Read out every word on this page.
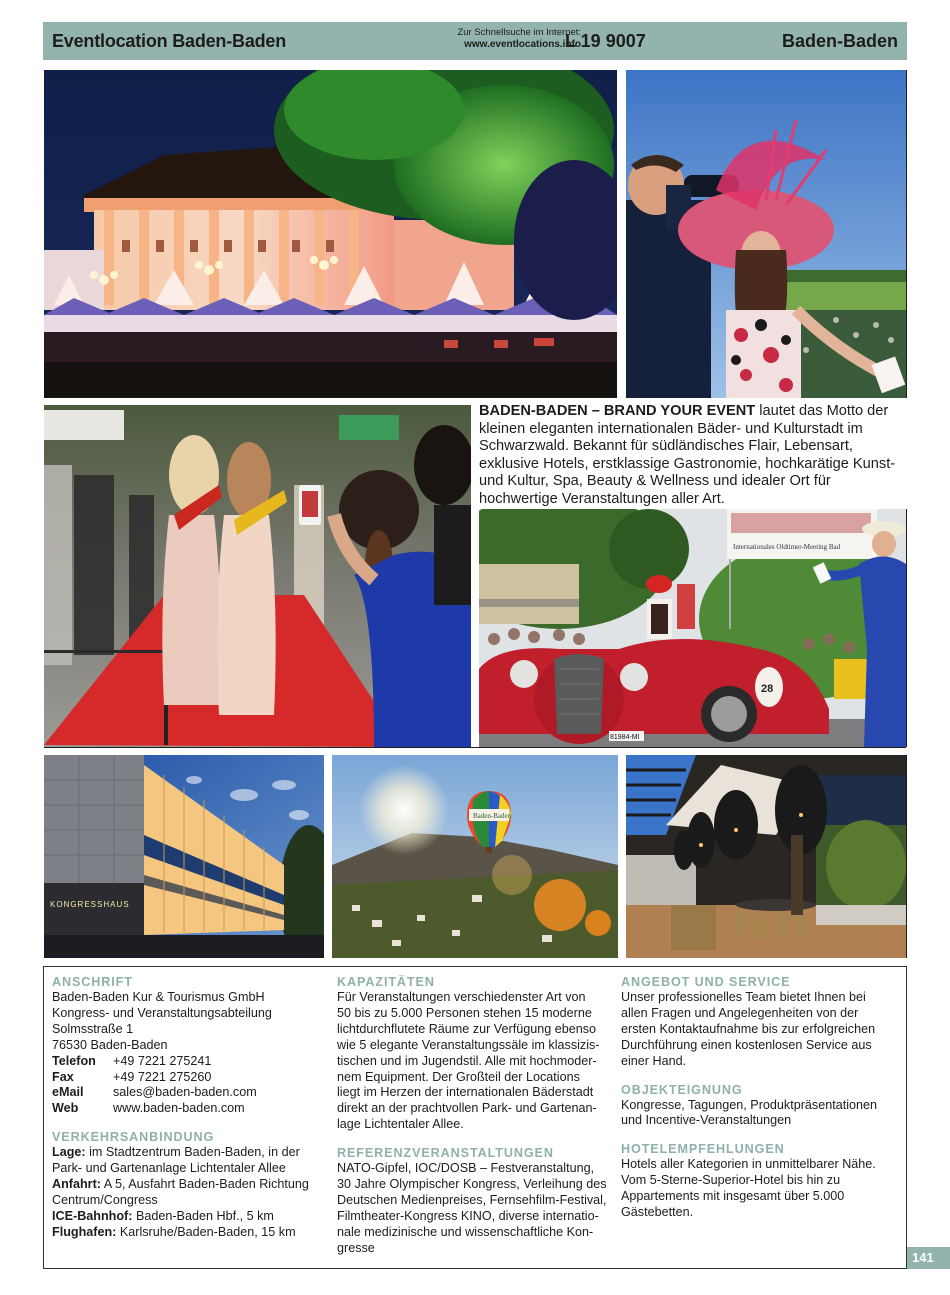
Eventlocation Baden-Baden	Zur Schnellsuche im Internet:
www.eventlocations.info
L 19 9007	Baden-Baden
BADEN-BADEN – BRAND YOUR EVENT lautet das Motto der kleinen eleganten internationalen Bäder- und Kulturstadt im Schwarzwald. Bekannt für südländisches Flair, Lebensart, exklusive Hotels, erstklassige Gastronomie, hochkarätige Kunst- und Kultur, Spa, Beauty & Wellness und idealer Ort für hochwertige Veranstaltungen aller Art.
Internationales Oldtimer-Meeting Bad
28
81984-MI
KONGRESSHAUS
Baden-Baden
ANSCHRIFT
Baden-Baden Kur & Tourismus GmbH
Kongress- und Veranstaltungsabteilung
Solmsstraße 1
76530 Baden-Baden
Telefon	+49 7221 275241
Fax	+49 7221 275260
eMail	sales@baden-baden.com
Web	www.baden-baden.com
VERKEHRSANBINDUNG
Lage: im Stadtzentrum Baden-Baden, in der
Park- und Gartenanlage Lichtentaler Allee
Anfahrt: A 5, Ausfahrt Baden-Baden Richtung
Centrum/Congress
ICE-Bahnhof: Baden-Baden Hbf., 5 km
Flughafen: Karlsruhe/Baden-Baden, 15 km
KAPAZITÄTEN
Für Veranstaltungen verschiedenster Art von
50 bis zu 5.000 Personen stehen 15 moderne
lichtdurchflutete Räume zur Verfügung ebenso
wie 5 elegante Veranstaltungssäle im klassizis-
tischen und im Jugendstil. Alle mit hochmoder-
nem Equipment. Der Großteil der Locations
liegt im Herzen der internationalen Bäderstadt
direkt an der prachtvollen Park- und Gartenan-
lage Lichtentaler Allee.
REFERENZVERANSTALTUNGEN
NATO-Gipfel, IOC/DOSB – Festveranstaltung,
30 Jahre Olympischer Kongress, Verleihung des
Deutschen Medienpreises, Fernsehfilm-Festival,
Filmtheater-Kongress KINO, diverse internatio-
nale medizinische und wissenschaftliche Kon-
gresse
ANGEBOT UND SERVICE
Unser professionelles Team bietet Ihnen bei
allen Fragen und Angelegenheiten von der
ersten Kontaktaufnahme bis zur erfolgreichen
Durchführung einen kostenlosen Service aus
einer Hand.
OBJEKTEIGNUNG
Kongresse, Tagungen, Produktpräsentationen
und Incentive-Veranstaltungen
HOTELEMPFEHLUNGEN
Hotels aller Kategorien in unmittelbarer Nähe.
Vom 5-Sterne-Superior-Hotel bis hin zu
Appartements mit insgesamt über 5.000
Gästebetten.
141
